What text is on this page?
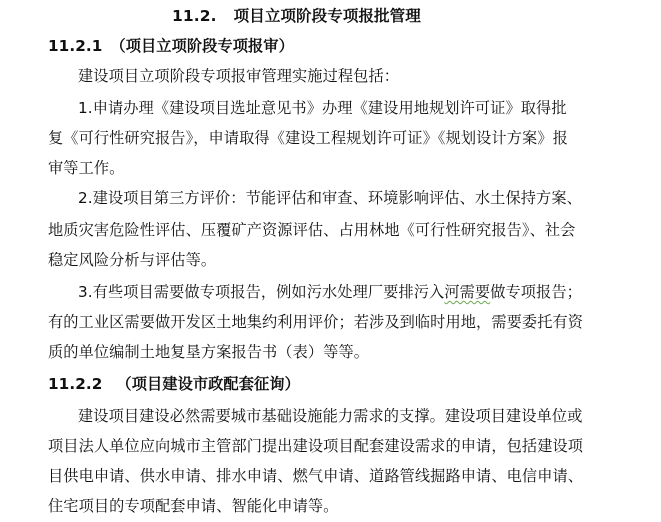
11.2. 项目立项阶段专项报批管理
11.2.1 （项目立项阶段专项报审）
建设项目立项阶段专项报审管理实施过程包括：
1.申请办理《建设项目选址意见书》办理《建设用地规划许可证》取得批
复《可行性研究报告》，申请取得《建设工程规划许可证》《规划设计方案》报
审等工作。
2.建设项目第三方评价：节能评估和审查、环境影响评估、水土保持方案、
地质灾害危险性评估、压覆矿产资源评估、占用林地《可行性研究报告》、社会
稳定风险分析与评估等。
3.有些项目需要做专项报告，例如污水处理厂要排污入河需要做专项报告；
有的工业区需要做开发区土地集约利用评价；若涉及到临时用地，需要委托有资
质的单位编制土地复垦方案报告书（表）等等。
11.2.2 （项目建设市政配套征询）
建设项目建设必然需要城市基础设施能力需求的支撑。建设项目建设单位或
项目法人单位应向城市主管部门提出建设项目配套建设需求的申请，包括建设项
目供电申请、供水申请、排水申请、燃气申请、道路管线掘路申请、电信申请、
住宅项目的专项配套申请、智能化申请等。
